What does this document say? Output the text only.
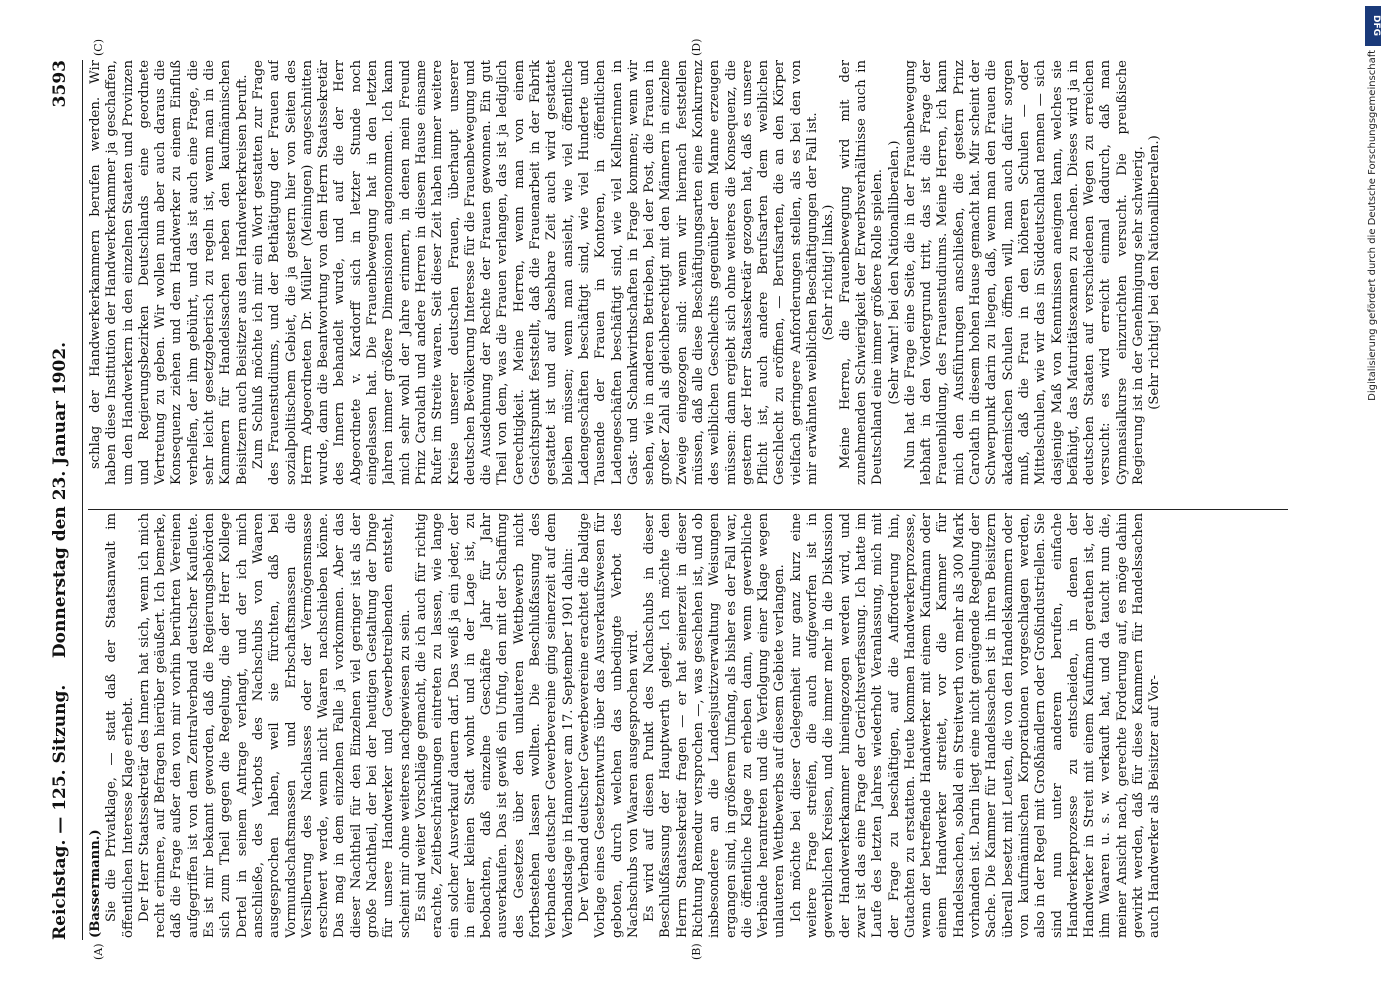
Reichstag. — 125. Sitzung.
Donnerstag den 23. Januar 1902.
3593
(A)	(B)
(C)	(D)

(Bassermann.) Sie die Privatklage, — statt daß der Staatsanwalt im öffentlichen Interesse Klage erhebt. Der Herr Staatssekretär des Innern hat sich, wenn ich mich recht erinnere, auf Befragen hierüber geäußert. Ich bemerke, daß die Frage außer den von mir vorhin berührten Vereinen aufgegriffen ist von dem Zentralverband deutscher Kaufleute. Es ist mir bekannt geworden, daß die Regierungsbehörden sich zum Theil gegen die Regelung, die der Herr Kollege Dertel in seinem Antrage verlangt, und der ich mich anschließe, des Verbots des Nachschubs von Waaren ausgesprochen haben, weil sie fürchten, daß bei Vormundschaftsmassen und Erbschaftsmassen die Versilberung des Nachlasses oder der Vermögensmasse erschwert werde, wenn nicht Waaren nachschieben könne. Das mag in dem einzelnen Falle ja vorkommen. Aber das dieser Nachtheil für den Einzelnen viel geringer ist als der große Nachtheil, der bei der heutigen Gestaltung der Dinge für unsere Handwerker und Gewerbetreibenden entsteht, scheint mir ohne weiteres nachgewiesen zu sein. Es sind weiter Vorschläge gemacht, die ich auch für richtig erachte, Zeitbeschränkungen eintreten zu lassen, wie lange ein solcher Ausverkauf dauern darf. Das weiß ja ein jeder, der in einer kleinen Stadt wohnt und in der Lage ist, zu beobachten, daß einzelne Geschäfte Jahr für Jahr ausverkaufen. Das ist gewiß ein Unfug, den mit der Schaffung des Gesetzes über den unlauteren Wettbewerb nicht fortbestehen lassen wollten. Die Beschlußfassung des Verbandes deutscher Gewerbevereine ging seinerzeit auf dem Verbandstage in Hannover am 17. September 1901 dahin: Der Verband deutscher Gewerbevereine erachtet die baldige Vorlage eines Gesetzentwurfs über das Ausverkaufswesen für geboten, durch welchen das unbedingte Verbot des Nachschubs von Waaren ausgesprochen wird. Es wird auf diesen Punkt des Nachschubs in dieser Beschlußfassung der Hauptwerth gelegt. Ich möchte den Herrn Staatssekretär fragen — er hat seinerzeit in dieser Richtung Remedur versprochen —, was geschehen ist, und ob insbesondere an die Landesjustizverwaltung Weisungen ergangen sind, in größerem Umfang, als bisher es der Fall war, die öffentliche Klage zu erheben dann, wenn gewerbliche Verbände herantreten und die Verfolgung einer Klage wegen unlauteren Wettbewerbs auf diesem Gebiete verlangen. Ich möchte bei dieser Gelegenheit nur ganz kurz eine weitere Frage streifen, die auch aufgeworfen ist in gewerblichen Kreisen, und die immer mehr in die Diskussion der Handwerkerkammer hineingezogen werden wird, und zwar ist das eine Frage der Gerichtsverfassung. Ich hatte im Laufe des letzten Jahres wiederholt Veranlassung, mich mit der Frage zu beschäftigen, auf die Aufforderung hin, Gutachten zu erstatten. Heute kommen Handwerkerprozesse, wenn der betreffende Handwerker mit einem Kaufmann oder einem Handwerker streitet, vor die Kammer für Handelssachen, sobald ein Streitwerth von mehr als 300 Mark vorhanden ist. Darin liegt eine nicht genügende Regelung der Sache. Die Kammer für Handelssachen ist in ihren Beisitzern überall besetzt mit Leuten, die von den Handelskammern oder von kaufmännischen Korporationen vorgeschlagen werden, also in der Regel mit Großhändlern oder Großindustriellen. Sie sind nun unter anderem berufen, einfache Handwerkerprozesse zu entscheiden, in denen der Handwerker in Streit mit einem Kaufmann gerathen ist, der ihm Waaren u. s. w. verkauft hat, und da taucht nun die, meiner Ansicht nach, gerechte Forderung auf, es möge dahin gewirkt werden, daß für diese Kammern für Handelssachen auch Handwerker als Beisitzer auf Vor-

schlag der Handwerkerkammern berufen werden. Wir haben diese Institution der Handwerkerkammer ja geschaffen, um den Handwerkern in den einzelnen Staaten und Provinzen und Regierungsbezirken Deutschlands eine geordnete Vertretung zu geben. Wir wollen nun aber auch daraus die Konsequenz ziehen und dem Handwerker zu einem Einfluß verhelfen, der ihm gebührt, und das ist auch eine Frage, die sehr leicht gesetzgeberisch zu regeln ist, wenn man in die Kammern für Handelssachen neben den kaufmännischen Beisitzern auch Beisitzer aus den Handwerkerkreisen beruft. Zum Schluß möchte ich mir ein Wort gestatten zur Frage des Frauenstudiums, und der Bethätigung der Frauen auf sozialpolitischem Gebiet, die ja gestern hier von Seiten des Herrn Abgeordneten Dr. Müller (Meiningen) angeschnitten wurde, dann die Beantwortung von dem Herrn Staatssekretär des Innern behandelt wurde, und auf die der Herr Abgeordnete v. Kardorff sich in letzter Stunde noch eingelassen hat. Die Frauenbewegung hat in den letzten Jahren immer größere Dimensionen angenommen. Ich kann mich sehr wohl der Jahre erinnern, in denen mein Freund Prinz Carolath und andere Herren in diesem Hause einsame Rufer im Streite waren. Seit dieser Zeit haben immer weitere Kreise unserer deutschen Frauen, überhaupt unserer deutschen Bevölkerung Interesse für die Frauenbewegung und die Ausdehnung der Rechte der Frauen gewonnen. Ein gut Theil von dem, was die Frauen verlangen, das ist ja lediglich Gerechtigkeit. Meine Herren, wenn man von einem Gesichtspunkt feststellt, daß die Frauenarbeit in der Fabrik gestattet ist und auf absehbare Zeit auch wird gestattet bleiben müssen; wenn man ansieht, wie viel öffentliche Ladengeschäften beschäftigt sind, wie viel Hunderte und Tausende der Frauen in Kontoren, in öffentlichen Ladengeschäften beschäftigt sind, wie viel Kellnerinnen in Gast- und Schankwirthschaften in Frage kommen; wenn wir sehen, wie in anderen Betrieben, bei der Post, die Frauen in großer Zahl als gleichberechtigt mit den Männern in einzelne Zweige eingezogen sind: wenn wir hiernach feststellen müssen, daß alle diese Beschäftigungsarten eine Konkurrenz des weiblichen Geschlechts gegenüber dem Manne erzeugen müssen: dann ergiebt sich ohne weiteres die Konsequenz, die gestern der Herr Staatssekretär gezogen hat, daß es unsere Pflicht ist, auch andere Berufsarten dem weiblichen Geschlecht zu eröffnen, — Berufsarten, die an den Körper vielfach geringere Anforderungen stellen, als es bei den von mir erwähnten weiblichen Beschäftigungen der Fall ist. (Sehr richtig! links.) Meine Herren, die Frauenbewegung wird mit der zunehmenden Schwierigkeit der Erwerbsverhältnisse auch in Deutschland eine immer größere Rolle spielen. (Sehr wahr! bei den Nationalliberalen.) Nun hat die Frage eine Seite, die in der Frauenbewegung lebhaft in den Vordergrund tritt, das ist die Frage der Frauenbildung, des Frauenstudiums. Meine Herren, ich kann mich den Ausführungen anschließen, die gestern Prinz Carolath in diesem hohen Hause gemacht hat. Mir scheint der Schwerpunkt darin zu liegen, daß, wenn man den Frauen die akademischen Schulen öffnen will, man auch dafür sorgen muß, daß die Frau in den höheren Schulen — oder Mittelschulen, wie wir das in Süddeutschland nennen — sich dasjenige Maß von Kenntnissen aneignen kann, welches sie befähigt, das Maturitätsexamen zu machen. Dieses wird ja in deutschen Staaten auf verschiedenen Wegen zu erreichen versucht: es wird erreicht einmal dadurch, daß man Gymnasialkurse einzurichten versucht. Die preußische Regierung ist in der Genehmigung sehr schwierig. (Sehr richtig! bei den Nationalliberalen.)

DFG
Digitalisierung gefördert durch die Deutsche Forschungsgemeinschaft
